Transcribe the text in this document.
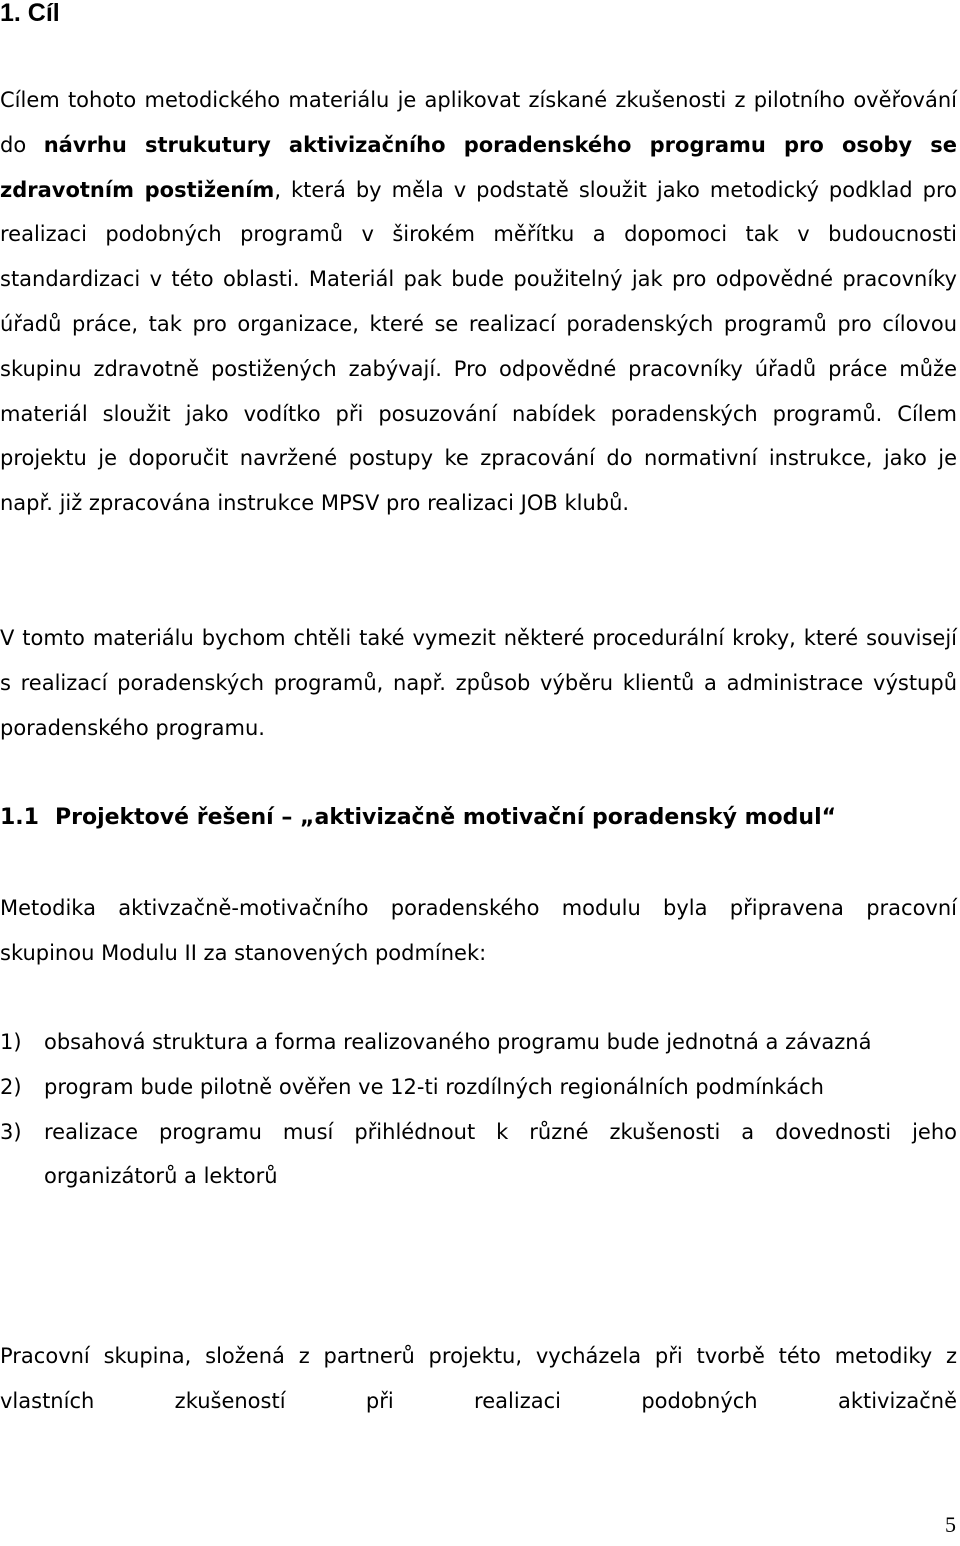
1. Cíl

Cílem tohoto metodického materiálu je aplikovat získané zkušenosti z pilotního ověřování do návrhu strukutury aktivizačního poradenského programu pro osoby se zdravotním postižením, která by měla v podstatě sloužit jako metodický podklad pro realizaci podobných programů v širokém měřítku a dopomoci tak v budoucnosti standardizaci v této oblasti. Materiál pak bude použitelný jak pro odpovědné pracovníky úřadů práce, tak pro organizace, které se realizací poradenských programů pro cílovou skupinu zdravotně postižených zabývají. Pro odpovědné pracovníky úřadů práce může materiál sloužit jako vodítko při posuzování nabídek poradenských programů. Cílem projektu je doporučit navržené postupy ke zpracování do normativní instrukce, jako je např. již zpracována instrukce MPSV pro realizaci JOB klubů.

V tomto materiálu bychom chtěli také vymezit některé procedurální kroky, které souvisejí s realizací poradenských programů, např. způsob výběru klientů a administrace výstupů poradenského programu.

1.1 Projektové řešení – „aktivizačně motivační poradenský modul“

Metodika aktivzačně-motivačního poradenského modulu byla připravena pracovní skupinou Modulu II za stanovených podmínek:

1) obsahová struktura a forma realizovaného programu bude jednotná a závazná
2) program bude pilotně ověřen ve 12-ti rozdílných regionálních podmínkách
3) realizace programu musí přihlédnout k různé zkušenosti a dovednosti jeho organizátorů a lektorů

Pracovní skupina, složená z partnerů projektu, vycházela při tvorbě této metodiky z vlastních zkušeností při realizaci podobných aktivizačně

5
